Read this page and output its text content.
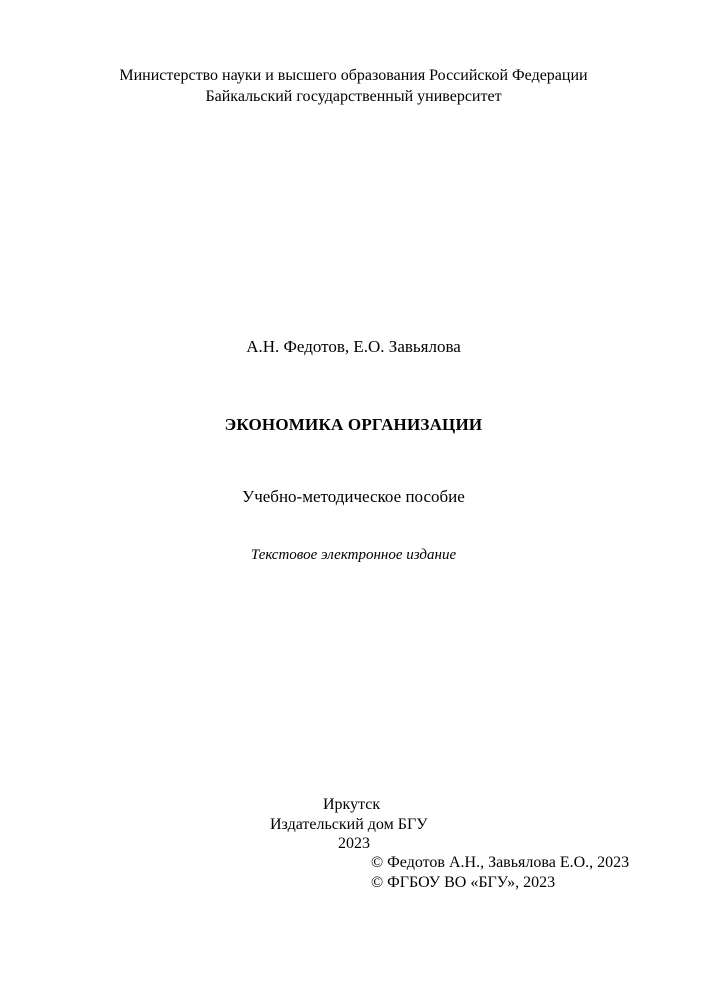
Министерство науки и высшего образования Российской Федерации
Байкальский государственный университет
А.Н. Федотов, Е.О. Завьялова
ЭКОНОМИКА ОРГАНИЗАЦИИ
Учебно-методическое пособие
Текстовое электронное издание
Иркутск
Издательский дом БГУ
2023
© Федотов А.Н., Завьялова Е.О., 2023
© ФГБОУ ВО «БГУ», 2023
